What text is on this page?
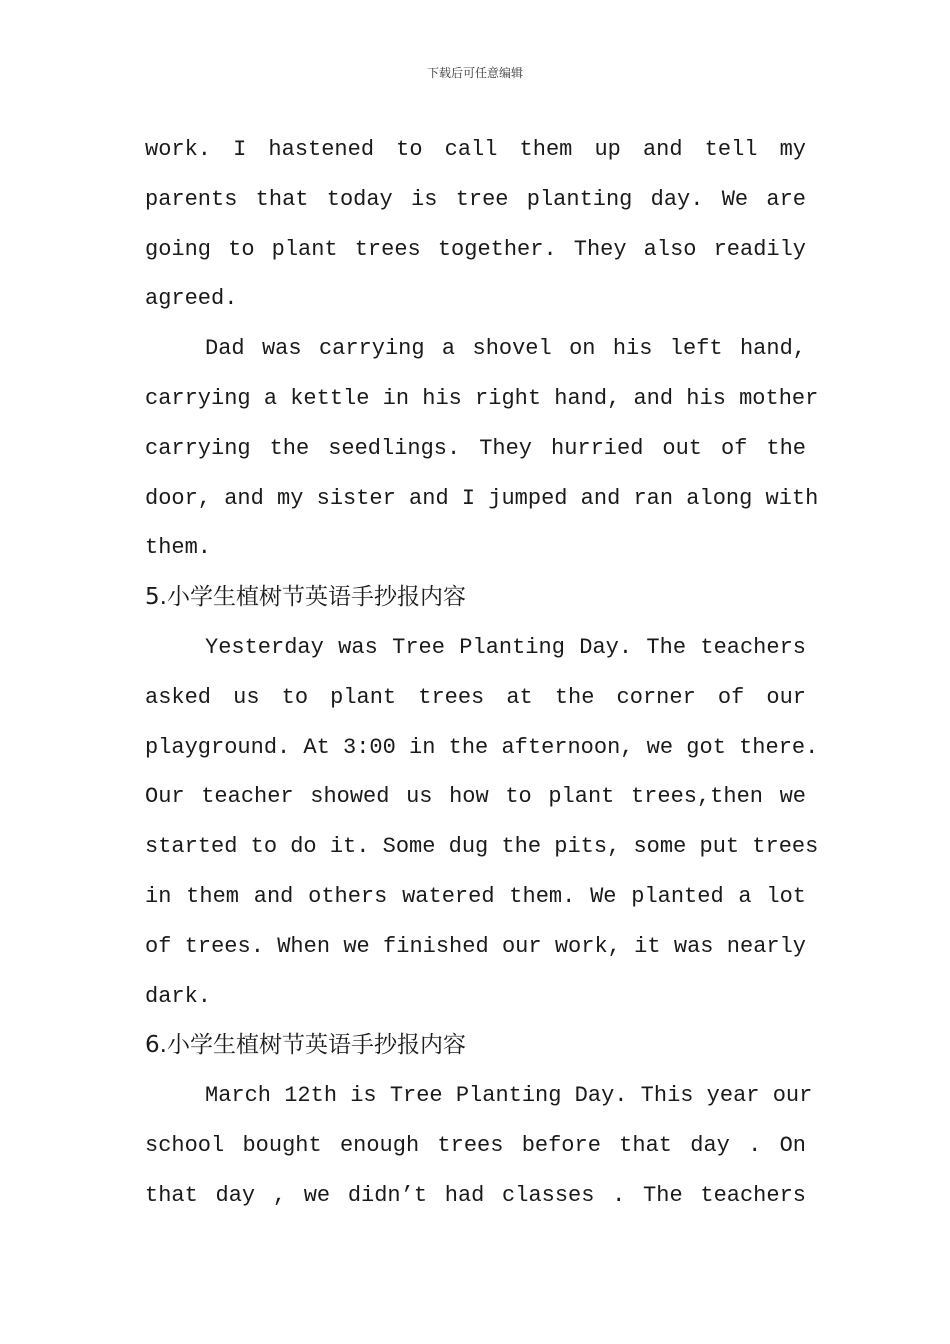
下载后可任意编辑
work. I hastened to call them up and tell my
parents that today is tree planting day. We are
going to plant trees together. They also readily
agreed.
Dad was carrying a shovel on his left hand,
carrying a kettle in his right hand, and his mother
carrying the seedlings. They hurried out of the
door, and my sister and I jumped and ran along with
them.
5.小学生植树节英语手抄报内容
Yesterday was Tree Planting Day. The teachers
asked us to plant trees at the corner of our
playground. At 3:00 in the afternoon, we got there.
Our teacher showed us how to plant trees,then we
started to do it. Some dug the pits, some put trees
in them and others watered them. We planted a lot
of trees. When we finished our work, it was nearly
dark.
6.小学生植树节英语手抄报内容
March 12th is Tree Planting Day. This year our
school bought enough trees before that day . On
that day , we didn’t had classes . The teachers
